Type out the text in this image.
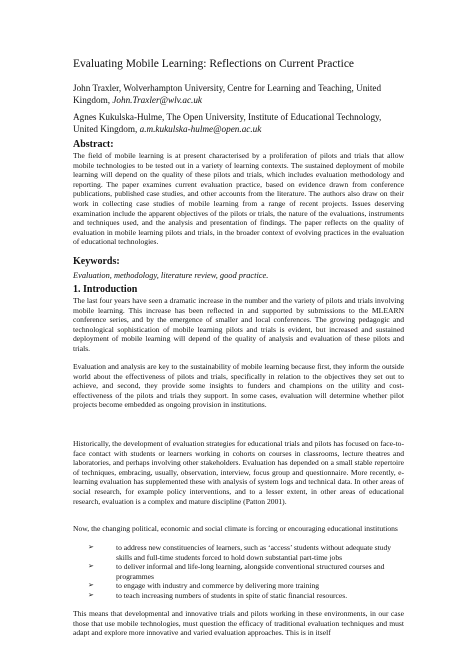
Evaluating Mobile Learning: Reflections on Current Practice
John Traxler, Wolverhampton University, Centre for Learning and Teaching, United
Kingdom, John.Traxler@wlv.ac.uk
Agnes Kukulska-Hulme, The Open University, Institute of Educational Technology,
United Kingdom, a.m.kukulska-hulme@open.ac.uk
Abstract:
The field of mobile learning is at present characterised by a proliferation of pilots and trials that allow mobile technologies to be tested out in a variety of learning contexts. The sustained deployment of mobile learning will depend on the quality of these pilots and trials, which includes evaluation methodology and reporting. The paper examines current evaluation practice, based on evidence drawn from conference publications, published case studies, and other accounts from the literature. The authors also draw on their work in collecting case studies of mobile learning from a range of recent projects. Issues deserving examination include the apparent objectives of the pilots or trials, the nature of the evaluations, instruments and techniques used, and the analysis and presentation of findings. The paper reflects on the quality of evaluation in mobile learning pilots and trials, in the broader context of evolving practices in the evaluation of educational technologies.
Keywords:
Evaluation, methodology, literature review, good practice.
1. Introduction
The last four years have seen a dramatic increase in the number and the variety of pilots and trials involving mobile learning. This increase has been reflected in and supported by submissions to the MLEARN conference series, and by the emergence of smaller and local conferences. The growing pedagogic and technological sophistication of mobile learning pilots and trials is evident, but increased and sustained deployment of mobile learning will depend of the quality of analysis and evaluation of these pilots and trials.
Evaluation and analysis are key to the sustainability of mobile learning because first, they inform the outside world about the effectiveness of pilots and trials, specifically in relation to the objectives they set out to achieve, and second, they provide some insights to funders and champions on the utility and cost-effectiveness of the pilots and trials they support. In some cases, evaluation will determine whether pilot projects become embedded as ongoing provision in institutions.
Historically, the development of evaluation strategies for educational trials and pilots has focused on face-to-face contact with students or learners working in cohorts on courses in classrooms, lecture theatres and laboratories, and perhaps involving other stakeholders. Evaluation has depended on a small stable repertoire of techniques, embracing, usually, observation, interview, focus group and questionnaire. More recently, e-learning evaluation has supplemented these with analysis of system logs and technical data. In other areas of social research, for example policy interventions, and to a lesser extent, in other areas of educational research, evaluation is a complex and mature discipline (Patton 2001).
Now, the changing political, economic and social climate is forcing or encouraging educational institutions
➢	to address new constituencies of learners, such as ‘access’ students without adequate study skills and full-time students forced to hold down substantial part-time jobs
➢	to deliver informal and life-long learning, alongside conventional structured courses and programmes
➢	to engage with industry and commerce by delivering more training
➢	to teach increasing numbers of students in spite of static financial resources.
This means that developmental and innovative trials and pilots working in these environments, in our case those that use mobile technologies, must question the efficacy of traditional evaluation techniques and must adapt and explore more innovative and varied evaluation approaches. This is in itself
